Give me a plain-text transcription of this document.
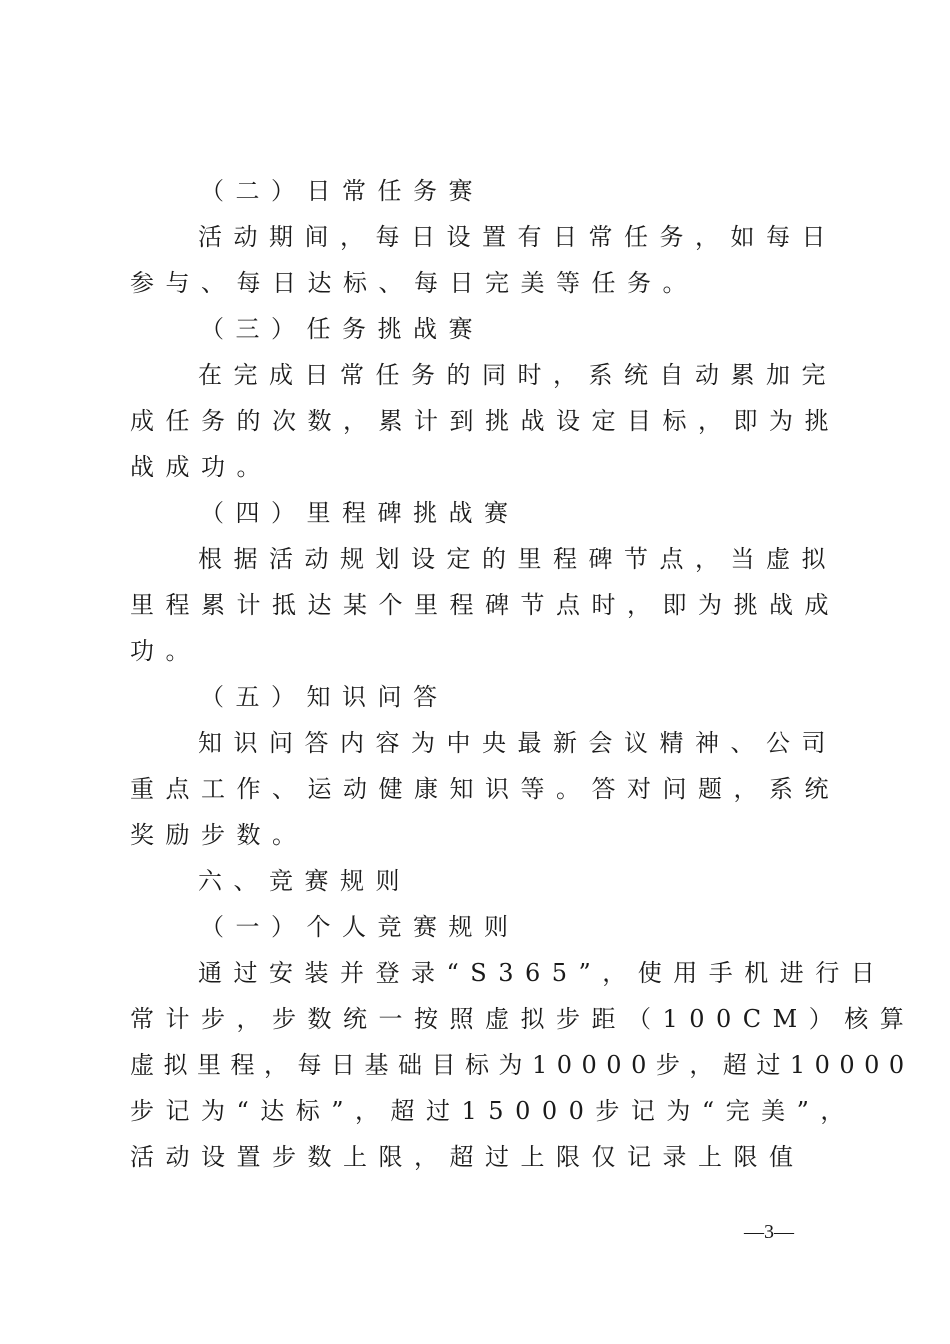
（二）日常任务赛
活动期间，每日设置有日常任务，如每日
参与、每日达标、每日完美等任务。
（三）任务挑战赛
在完成日常任务的同时，系统自动累加完
成任务的次数，累计到挑战设定目标，即为挑
战成功。
（四）里程碑挑战赛
根据活动规划设定的里程碑节点，当虚拟
里程累计抵达某个里程碑节点时，即为挑战成
功。
（五）知识问答
知识问答内容为中央最新会议精神、公司
重点工作、运动健康知识等。答对问题，系统
奖励步数。
六、竞赛规则
（一）个人竞赛规则
通过安装并登录“S365”，使用手机进行日
常计步，步数统一按照虚拟步距（100CM）核算
虚拟里程，每日基础目标为10000步，超过10000
步记为“达标”，超过15000步记为“完美”，
活动设置步数上限，超过上限仅记录上限值
—3—
